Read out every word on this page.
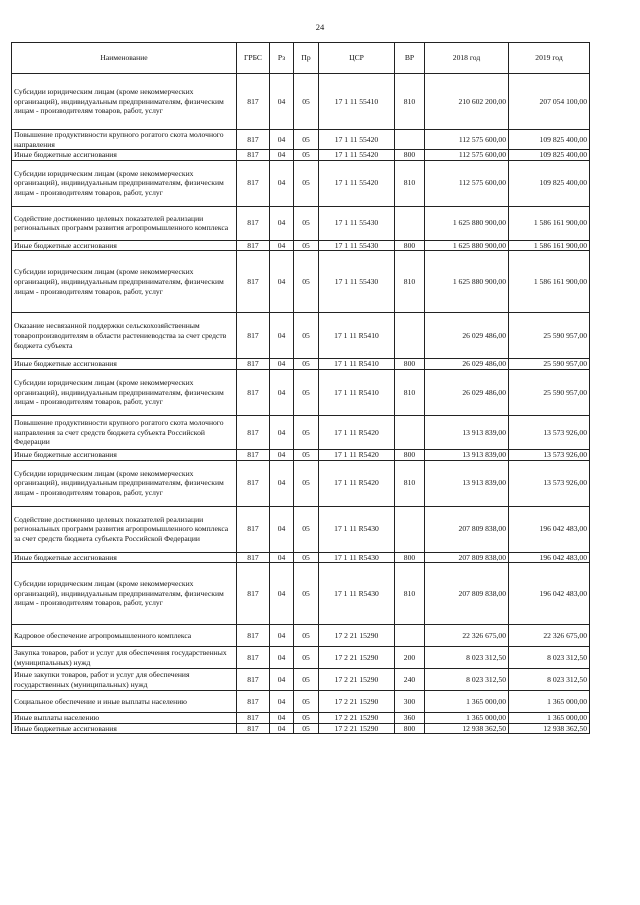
24
Наименование	ГРБС	Рз	Пр	ЦСР	ВР	2018 год	2019 год
Субсидии юридическим лицам (кроме некоммерческих организаций), индивидуальным предпринимателям, физическим лицам - производителям товаров, работ, услуг	817	04	05	17 1 11 55410	810	210 602 200,00	207 054 100,00
Повышение продуктивности крупного рогатого скота молочного направления	817	04	05	17 1 11 55420		112 575 600,00	109 825 400,00
Иные бюджетные ассигнования	817	04	05	17 1 11 55420	800	112 575 600,00	109 825 400,00
Субсидии юридическим лицам (кроме некоммерческих организаций), индивидуальным предпринимателям, физическим лицам - производителям товаров, работ, услуг	817	04	05	17 1 11 55420	810	112 575 600,00	109 825 400,00
Содействие достижению целевых показателей реализации региональных программ развития агропромышленного комплекса	817	04	05	17 1 11 55430		1 625 880 900,00	1 586 161 900,00
Иные бюджетные ассигнования	817	04	05	17 1 11 55430	800	1 625 880 900,00	1 586 161 900,00
Субсидии юридическим лицам (кроме некоммерческих организаций), индивидуальным предпринимателям, физическим лицам - производителям товаров, работ, услуг	817	04	05	17 1 11 55430	810	1 625 880 900,00	1 586 161 900,00
Оказание несвязанной поддержки сельскохозяйственным товаропроизводителям в области растениеводства за счет средств бюджета субъекта	817	04	05	17 1 11 R5410		26 029 486,00	25 590 957,00
Иные бюджетные ассигнования	817	04	05	17 1 11 R5410	800	26 029 486,00	25 590 957,00
Субсидии юридическим лицам (кроме некоммерческих организаций), индивидуальным предпринимателям, физическим лицам - производителям товаров, работ, услуг	817	04	05	17 1 11 R5410	810	26 029 486,00	25 590 957,00
Повышение продуктивности крупного рогатого скота молочного направления за счет средств бюджета субъекта Российской Федерации	817	04	05	17 1 11 R5420		13 913 839,00	13 573 926,00
Иные бюджетные ассигнования	817	04	05	17 1 11 R5420	800	13 913 839,00	13 573 926,00
Субсидии юридическим лицам (кроме некоммерческих организаций), индивидуальным предпринимателям, физическим лицам - производителям товаров, работ, услуг	817	04	05	17 1 11 R5420	810	13 913 839,00	13 573 926,00
Содействие достижению целевых показателей реализации региональных программ развития агропромышленного комплекса за счет средств бюджета субъекта Российской Федерации	817	04	05	17 1 11 R5430		207 809 838,00	196 042 483,00
Иные бюджетные ассигнования	817	04	05	17 1 11 R5430	800	207 809 838,00	196 042 483,00
Субсидии юридическим лицам (кроме некоммерческих организаций), индивидуальным предпринимателям, физическим лицам - производителям товаров, работ, услуг	817	04	05	17 1 11 R5430	810	207 809 838,00	196 042 483,00
Кадровое обеспечение агропромышленного комплекса	817	04	05	17 2 21 15290		22 326 675,00	22 326 675,00
Закупка товаров, работ и услуг для обеспечения государственных (муниципальных) нужд	817	04	05	17 2 21 15290	200	8 023 312,50	8 023 312,50
Иные закупки товаров, работ и услуг для обеспечения государственных (муниципальных) нужд	817	04	05	17 2 21 15290	240	8 023 312,50	8 023 312,50
Социальное обеспечение и иные выплаты населению	817	04	05	17 2 21 15290	300	1 365 000,00	1 365 000,00
Иные выплаты населению	817	04	05	17 2 21 15290	360	1 365 000,00	1 365 000,00
Иные бюджетные ассигнования	817	04	05	17 2 21 15290	800	12 938 362,50	12 938 362,50
